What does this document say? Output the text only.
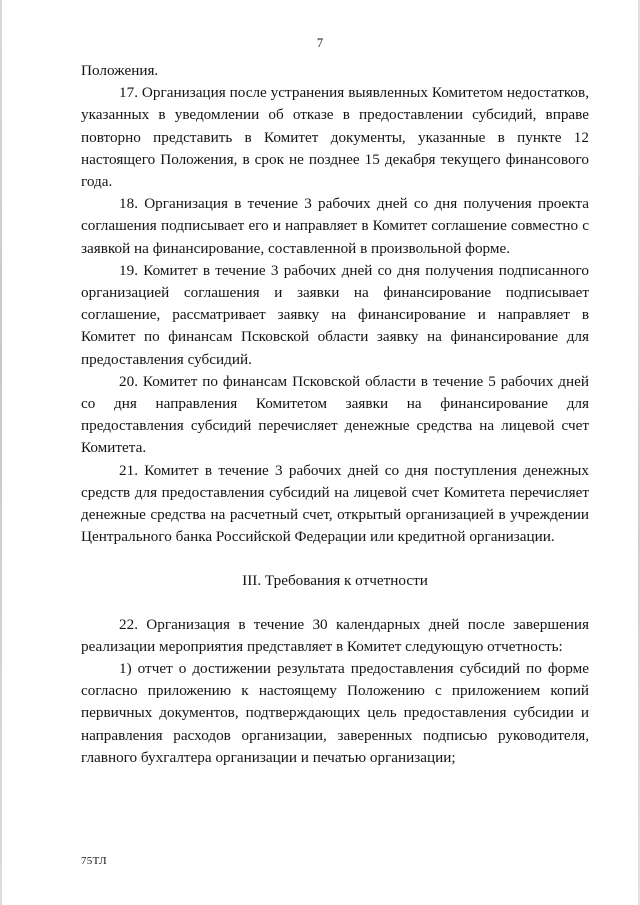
7

Положения.

17. Организация после устранения выявленных Комитетом недостатков, указанных в уведомлении об отказе в предоставлении субсидий, вправе повторно представить в Комитет документы, указанные в пункте 12 настоящего Положения, в срок не позднее 15 декабря текущего финансового года.

18. Организация в течение 3 рабочих дней со дня получения проекта соглашения подписывает его и направляет в Комитет соглашение совместно с заявкой на финансирование, составленной в произвольной форме.

19. Комитет в течение 3 рабочих дней со дня получения подписанного организацией соглашения и заявки на финансирование подписывает соглашение, рассматривает заявку на финансирование и направляет в Комитет по финансам Псковской области заявку на финансирование для предоставления субсидий.

20. Комитет по финансам Псковской области в течение 5 рабочих дней со дня направления Комитетом заявки на финансирование для предоставления субсидий перечисляет денежные средства на лицевой счет Комитета.

21. Комитет в течение 3 рабочих дней со дня поступления денежных средств для предоставления субсидий на лицевой счет Комитета перечисляет денежные средства на расчетный счет, открытый организацией в учреждении Центрального банка Российской Федерации или кредитной организации.

III. Требования к отчетности

22. Организация в течение 30 календарных дней после завершения реализации мероприятия представляет в Комитет следующую отчетность:

1) отчет о достижении результата предоставления субсидий по форме согласно приложению к настоящему Положению с приложением копий первичных документов, подтверждающих цель предоставления субсидии и направления расходов организации, заверенных подписью руководителя, главного бухгалтера организации и печатью организации;

75ТЛ
